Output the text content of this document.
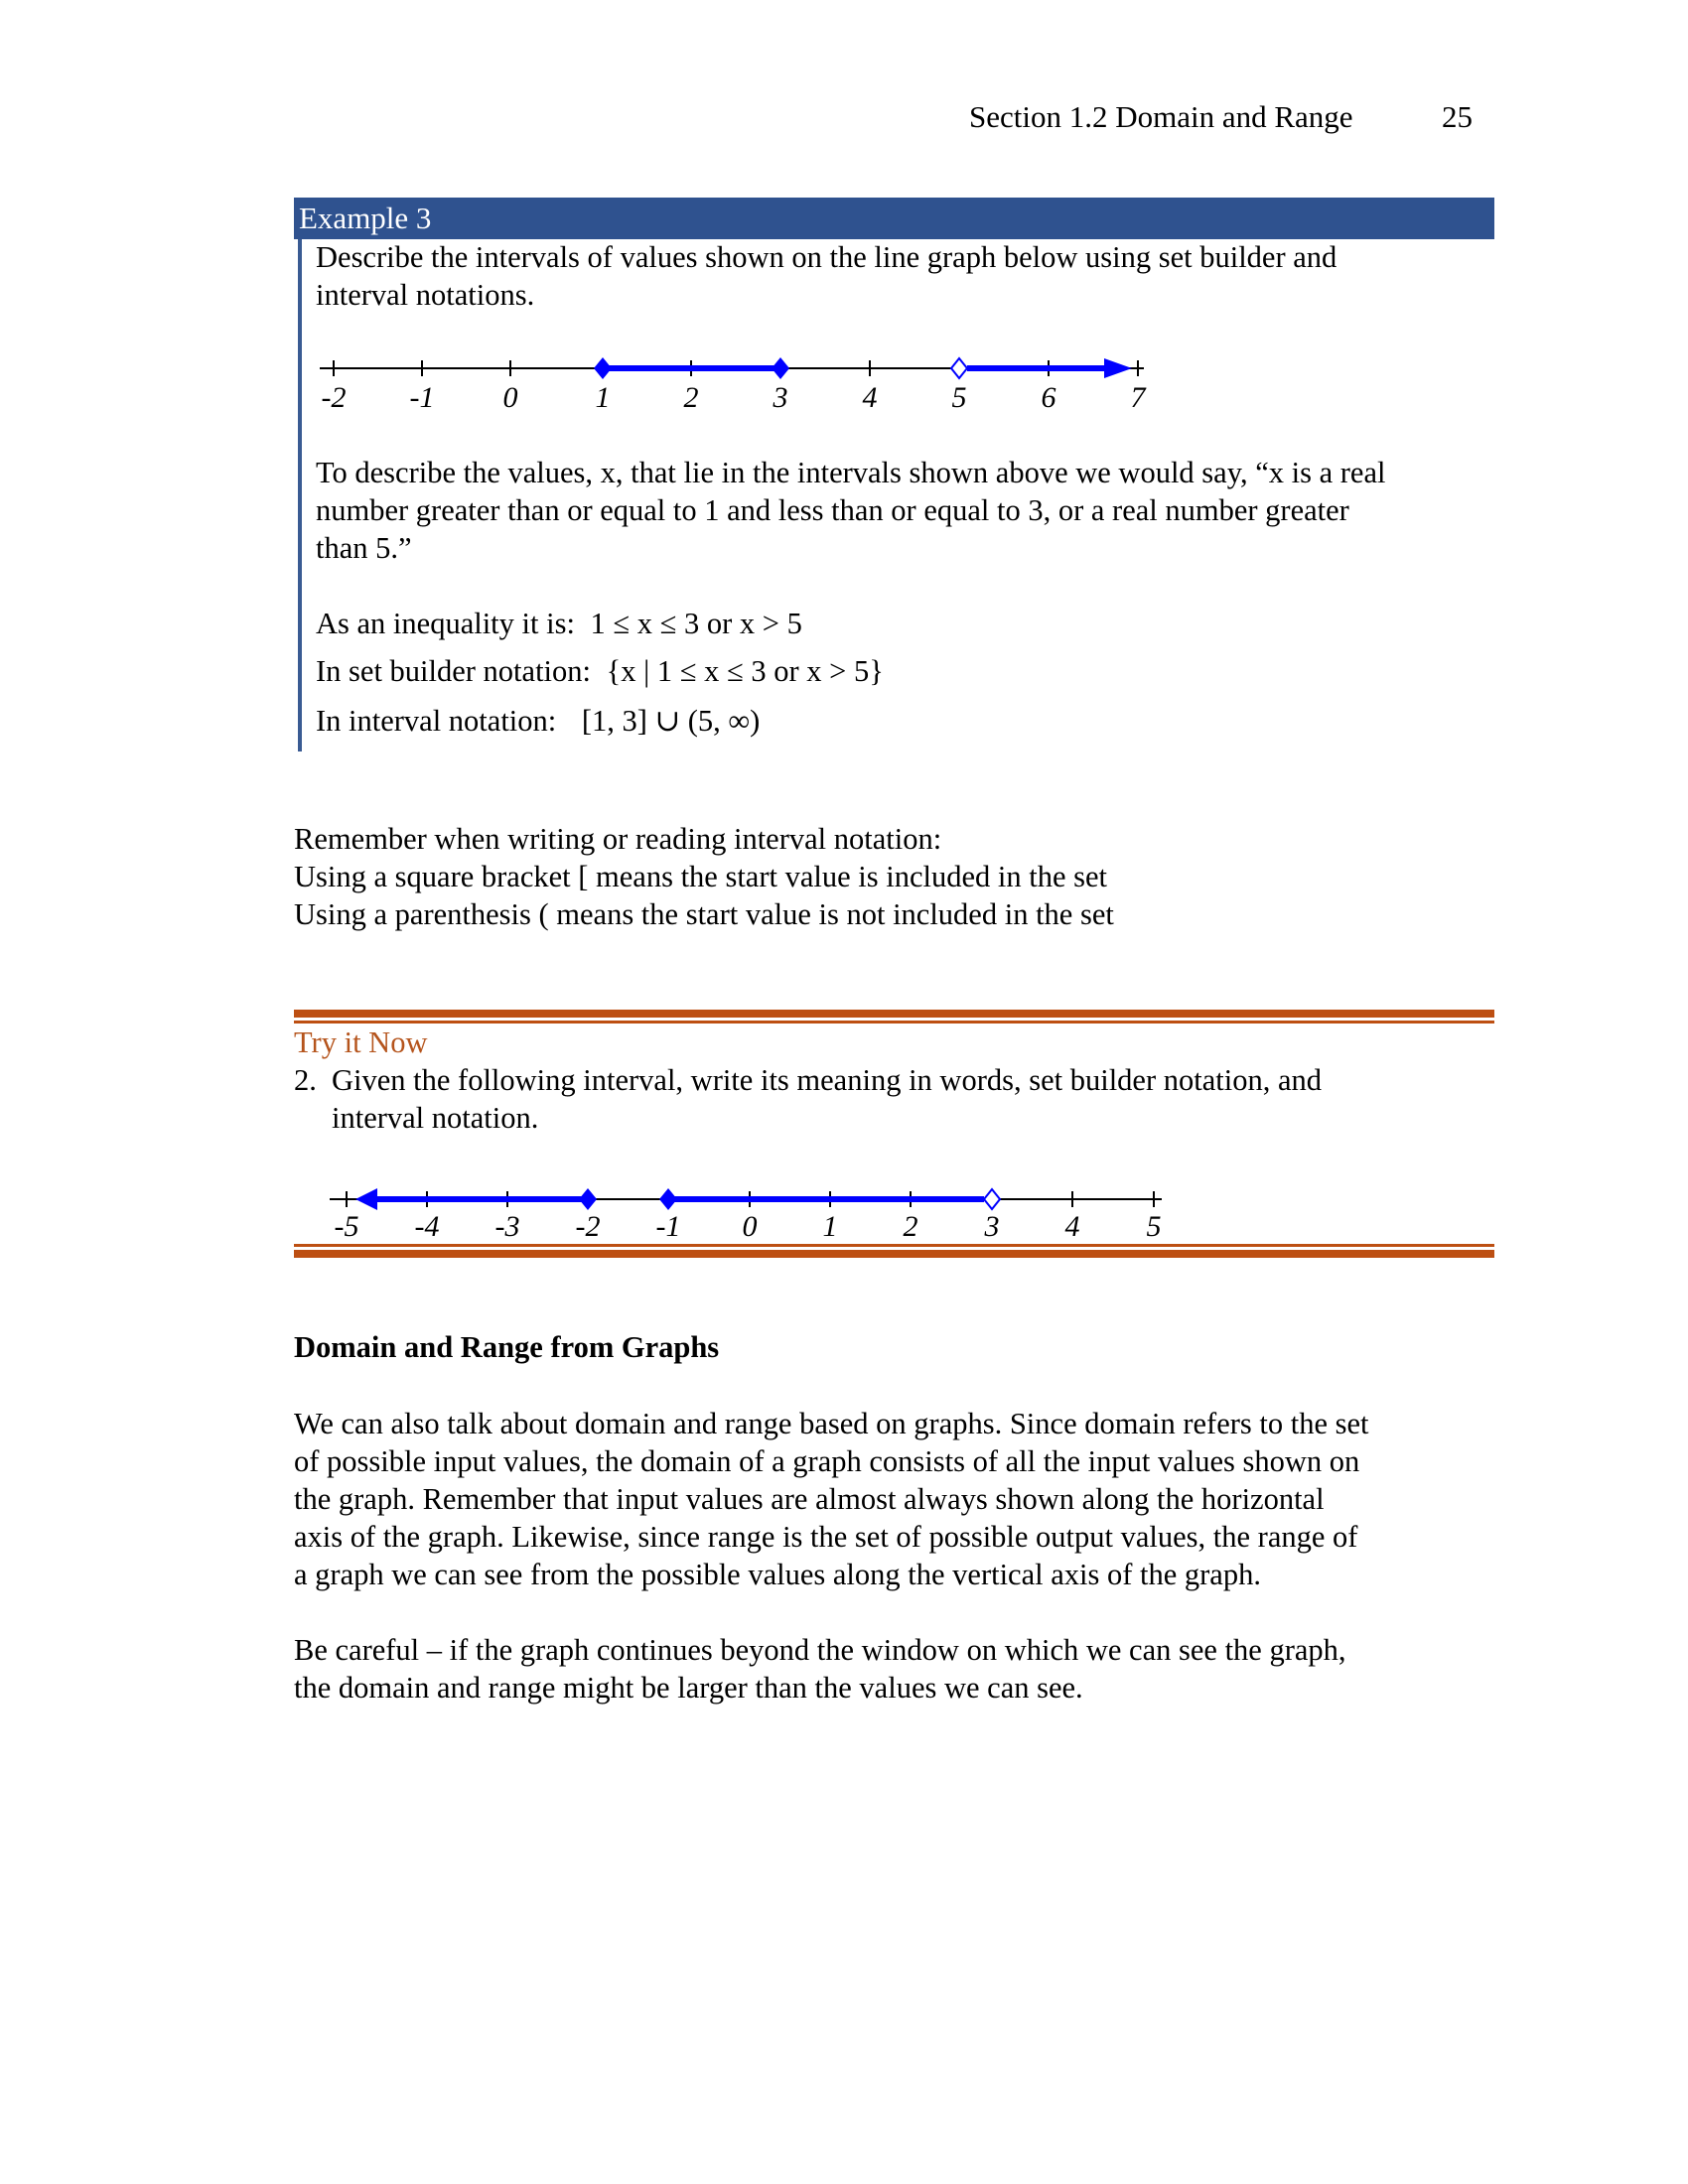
Section 1.2 Domain and Range	25
Example 3
Describe the intervals of values shown on the line graph below using set builder and
interval notations.
-2 -1 0	1 2	3	4	5	6	7
To describe the values, x, that lie in the intervals shown above we would say, “x is a real
number greater than or equal to 1 and less than or equal to 3, or a real number greater
than 5.”
As an inequality it is: 1 ≤ x ≤ 3 or x > 5
In set builder notation: {x | 1 ≤ x ≤ 3 or x > 5}
In interval notation: [1, 3] ∪ (5, ∞)
Remember when writing or reading interval notation:
Using a square bracket [ means the start value is included in the set
Using a parenthesis ( means the start value is not included in the set
Try it Now
2. Given the following interval, write its meaning in words, set builder notation, and
interval notation.
-5 -4 -3 -2 -1 0 1 2 3 4 5
Domain and Range from Graphs
We can also talk about domain and range based on graphs. Since domain refers to the set
of possible input values, the domain of a graph consists of all the input values shown on
the graph. Remember that input values are almost always shown along the horizontal
axis of the graph. Likewise, since range is the set of possible output values, the range of
a graph we can see from the possible values along the vertical axis of the graph.
Be careful – if the graph continues beyond the window on which we can see the graph,
the domain and range might be larger than the values we can see.
